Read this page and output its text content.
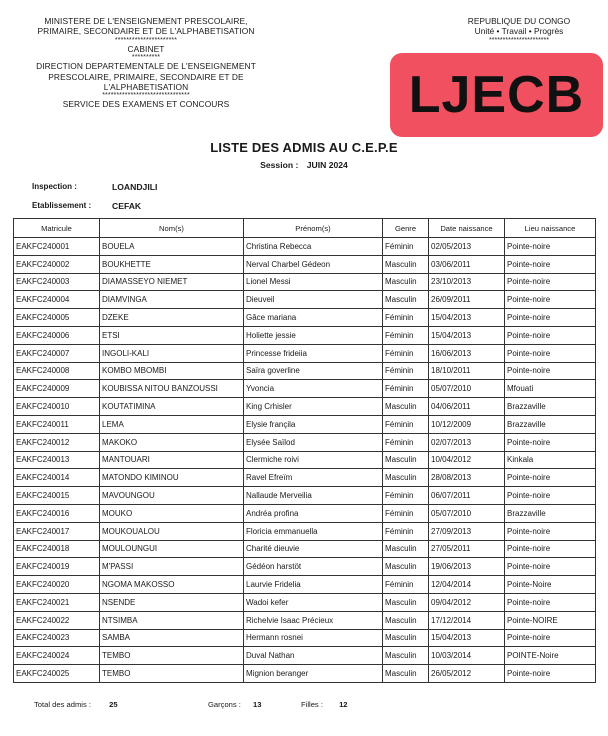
MINISTERE DE L'ENSEIGNEMENT PRESCOLAIRE,
PRIMAIRE, SECONDAIRE ET DE L'ALPHABETISATION
**********************
CABINET
**********
DIRECTION DEPARTEMENTALE DE L'ENSEIGNEMENT
PRESCOLAIRE, PRIMAIRE, SECONDAIRE ET DE
L'ALPHABETISATION
*******************************
SERVICE DES EXAMENS ET CONCOURS
REPUBLIQUE DU CONGO
Unité • Travail • Progrès
**********************
LJECB
LISTE DES ADMIS AU C.E.P.E
Session : JUIN 2024
Inspection :	LOANDJILI
Etablissement : CEFAK
Matricule	Nom(s)	Prénom(s)	Genre	Date naissance	Lieu naissance
EAKFC240001	BOUELA	Christina Rebecca	Féminin	02/05/2013	Pointe-noire
EAKFC240002	BOUKHETTE	Nerval Charbel Gédeon	Masculin	03/06/2011	Pointe-noire
EAKFC240003	DIAMASSEYO NIEMET	Lionel Messi	Masculin	23/10/2013	Pointe-noire
EAKFC240004	DIAMVINGA	Dieuveil	Masculin	26/09/2011	Pointe-noire
EAKFC240005	DZEKE	Gâce mariana	Féminin	15/04/2013	Pointe-noire
EAKFC240006	ETSI	Holiette jessie	Féminin	15/04/2013	Pointe-noire
EAKFC240007	INGOLI-KALI	Princesse frideiia	Féminin	16/06/2013	Pointe-noire
EAKFC240008	KOMBO MBOMBI	Saïra goverline	Féminin	18/10/2011	Pointe-noire
EAKFC240009	KOUBISSA NITOU BANZOUSSI	Yvoncia	Féminin	05/07/2010	Mfouati
EAKFC240010	KOUTATIMINA	King Crhisler	Masculin	04/06/2011	Brazzaville
EAKFC240011	LEMA	Elysie françila	Féminin	10/12/2009	Brazzaville
EAKFC240012	MAKOKO	Elysée Saïlod	Féminin	02/07/2013	Pointe-noire
EAKFC240013	MANTOUARI	Clermiche roivi	Masculin	10/04/2012	Kinkala
EAKFC240014	MATONDO KIMINOU	Ravel Efreïm	Masculin	28/08/2013	Pointe-noire
EAKFC240015	MAVOUNGOU	Nallaude Merveilia	Féminin	06/07/2011	Pointe-noire
EAKFC240016	MOUKO	Andréa profina	Féminin	05/07/2010	Brazzaville
EAKFC240017	MOUKOUALOU	Floricia emmanuella	Féminin	27/09/2013	Pointe-noire
EAKFC240018	MOULOUNGUI	Charité dieuvie	Masculin	27/05/2011	Pointe-noire
EAKFC240019	M'PASSI	Gédéon harstöt	Masculin	19/06/2013	Pointe-noire
EAKFC240020	NGOMA MAKOSSO	Laurvie Fridelia	Féminin	12/04/2014	Pointe-Noire
EAKFC240021	NSENDE	Wadoi kefer	Masculin	09/04/2012	Pointe-noire
EAKFC240022	NTSIMBA	Richelvie Isaac Précieux	Masculin	17/12/2014	Pointe-NOIRE
EAKFC240023	SAMBA	Hermann rosnei	Masculin	15/04/2013	Pointe-noire
EAKFC240024	TEMBO	Duval Nathan	Masculin	10/03/2014	POINTE-Noire
EAKFC240025	TEMBO	Mignion beranger	Masculin	26/05/2012	Pointe-noire
Total des admis : 25	Garçons : 13	Filles : 12
